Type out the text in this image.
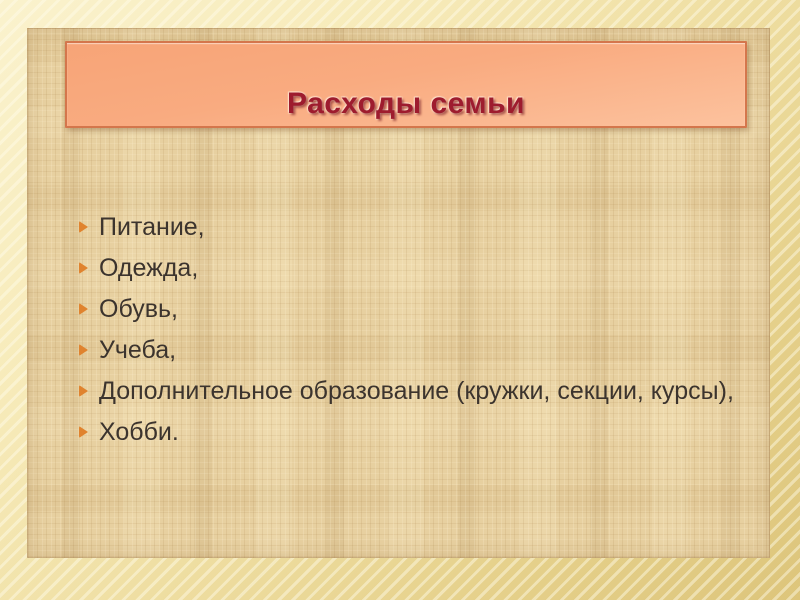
Расходы семьи
Питание,
Одежда,
Обувь,
Учеба,
Дополнительное образование (кружки, секции, курсы),
Хобби.
